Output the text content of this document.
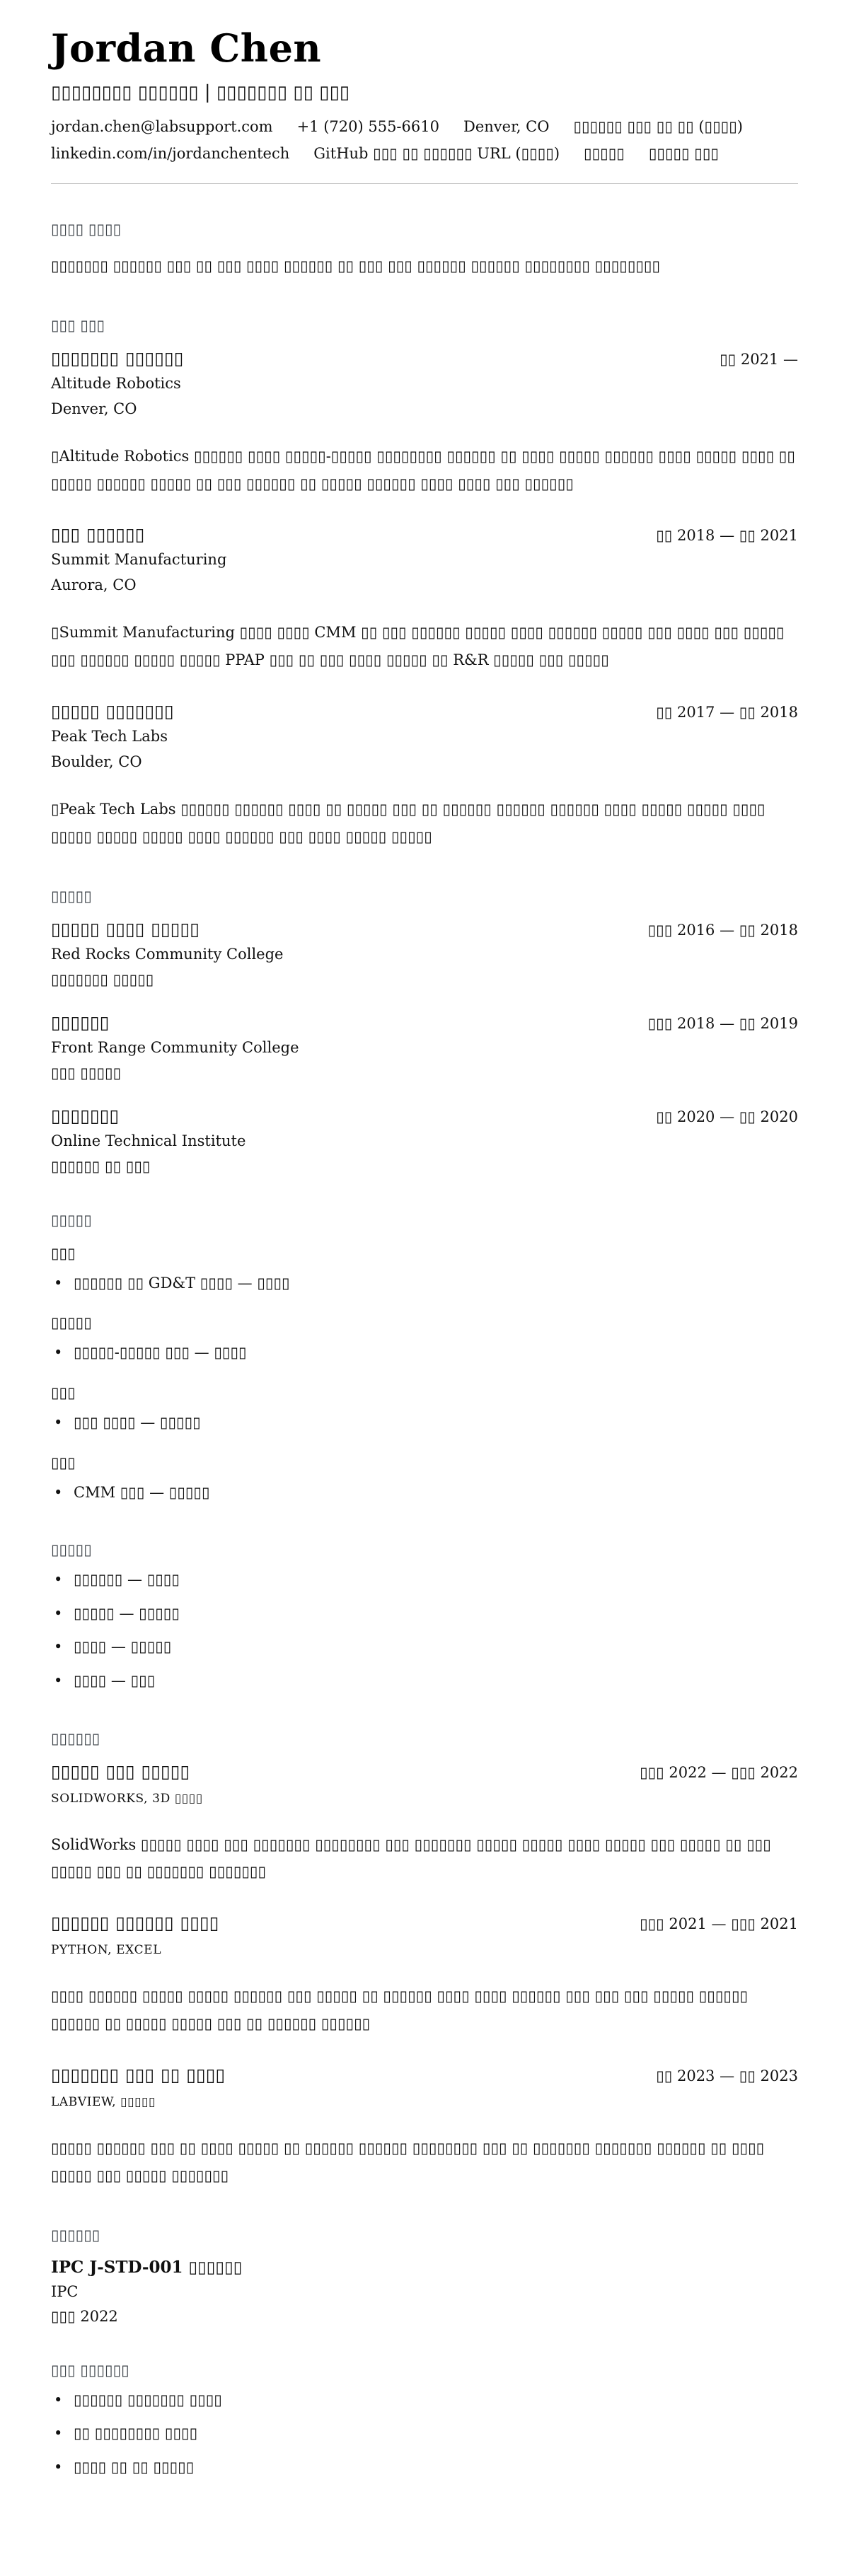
Jordan Chen
▯▯▯▯▯▯▯▯ ▯▯▯▯▯▯ | ▯▯▯▯▯▯▯ ▯▯ ▯▯▯
jordan.chen@labsupport.com +1 (720) 555-6610 Denver, CO ▯▯▯▯▯▯ ▯▯▯ ▯▯ ▯▯ (▯▯▯▯)
linkedin.com/in/jordanchentech GitHub ▯▯▯ ▯▯ ▯▯▯▯▯▯ URL (▯▯▯▯) ▯▯▯▯▯ ▯▯▯▯▯ ▯▯▯
▯▯▯▯ ▯▯▯▯

▯▯▯▯▯▯▯ ▯▯▯▯▯▯ ▯▯▯ ▯▯ ▯▯▯ ▯▯▯▯ ▯▯▯▯▯▯ ▯▯ ▯▯▯ ▯▯▯ ▯▯▯▯▯▯ ▯▯▯▯▯▯ ▯▯▯▯▯▯▯▯ ▯▯▯▯▯▯▯▯

▯▯▯ ▯▯▯
▯▯▯▯▯▯▯ ▯▯▯▯▯▯	▯▯ 2021 —
Altitude Robotics
Denver, CO

▯Altitude Robotics ▯▯▯▯▯▯ ▯▯▯▯ ▯▯▯▯▯-▯▯▯▯▯ ▯▯▯▯▯▯▯▯ ▯▯▯▯▯▯ ▯▯ ▯▯▯▯ ▯▯▯▯▯ ▯▯▯▯▯▯ ▯▯▯▯ ▯▯▯▯▯ ▯▯▯▯ ▯▯ ▯▯▯▯▯ ▯▯▯▯▯▯ ▯▯▯▯▯ ▯▯ ▯▯▯ ▯▯▯▯▯▯ ▯▯ ▯▯▯▯▯ ▯▯▯▯▯▯ ▯▯▯▯ ▯▯▯▯ ▯▯▯ ▯▯▯▯▯▯

▯▯▯ ▯▯▯▯▯▯	▯▯ 2018 — ▯▯ 2021
Summit Manufacturing
Aurora, CO

▯Summit Manufacturing ▯▯▯▯ ▯▯▯▯ CMM ▯▯ ▯▯▯ ▯▯▯▯▯▯ ▯▯▯▯▯ ▯▯▯▯ ▯▯▯▯▯▯ ▯▯▯▯▯ ▯▯▯ ▯▯▯▯ ▯▯▯ ▯▯▯▯▯ ▯▯▯ ▯▯▯▯▯▯ ▯▯▯▯▯ ▯▯▯▯▯ PPAP ▯▯▯ ▯▯ ▯▯▯ ▯▯▯▯ ▯▯▯▯▯ ▯▯ R&R ▯▯▯▯▯ ▯▯▯ ▯▯▯▯▯

▯▯▯▯▯ ▯▯▯▯▯▯▯	▯▯ 2017 — ▯▯ 2018
Peak Tech Labs
Boulder, CO

▯Peak Tech Labs ▯▯▯▯▯▯ ▯▯▯▯▯▯ ▯▯▯▯ ▯▯ ▯▯▯▯▯ ▯▯▯ ▯▯ ▯▯▯▯▯▯ ▯▯▯▯▯▯ ▯▯▯▯▯▯ ▯▯▯▯ ▯▯▯▯▯ ▯▯▯▯▯ ▯▯▯▯ ▯▯▯▯▯ ▯▯▯▯▯ ▯▯▯▯▯ ▯▯▯▯ ▯▯▯▯▯▯ ▯▯▯ ▯▯▯▯ ▯▯▯▯▯ ▯▯▯▯▯

▯▯▯▯▯
▯▯▯▯▯ ▯▯▯▯ ▯▯▯▯▯	▯▯▯ 2016 — ▯▯ 2018
Red Rocks Community College
▯▯▯▯▯▯▯ ▯▯▯▯▯
▯▯▯▯▯▯	▯▯▯ 2018 — ▯▯ 2019
Front Range Community College
▯▯▯ ▯▯▯▯▯
▯▯▯▯▯▯▯	▯▯ 2020 — ▯▯ 2020
Online Technical Institute
▯▯▯▯▯▯ ▯▯ ▯▯▯
▯▯▯▯▯
▯▯▯
• ▯▯▯▯▯▯ ▯▯ GD&T ▯▯▯▯ — ▯▯▯▯
▯▯▯▯▯
• ▯▯▯▯▯-▯▯▯▯▯ ▯▯▯ — ▯▯▯▯
▯▯▯
• ▯▯▯ ▯▯▯▯ — ▯▯▯▯▯
▯▯▯
• CMM ▯▯▯ — ▯▯▯▯▯
▯▯▯▯▯
• ▯▯▯▯▯▯ — ▯▯▯▯
• ▯▯▯▯▯ — ▯▯▯▯▯
• ▯▯▯▯ — ▯▯▯▯▯
• ▯▯▯▯ — ▯▯▯
▯▯▯▯▯▯
▯▯▯▯▯ ▯▯▯ ▯▯▯▯▯	▯▯▯ 2022 — ▯▯▯ 2022
SOLIDWORKS, 3D ▯▯▯▯

SolidWorks ▯▯▯▯▯ ▯▯▯▯ ▯▯▯ ▯▯▯▯▯▯▯ ▯▯▯▯▯▯▯▯ ▯▯▯ ▯▯▯▯▯▯▯ ▯▯▯▯▯ ▯▯▯▯▯ ▯▯▯▯ ▯▯▯▯▯ ▯▯▯ ▯▯▯▯▯ ▯▯ ▯▯▯ ▯▯▯▯▯ ▯▯▯ ▯▯ ▯▯▯▯▯▯▯ ▯▯▯▯▯▯▯

▯▯▯▯▯▯ ▯▯▯▯▯▯ ▯▯▯▯	▯▯▯ 2021 — ▯▯▯ 2021
PYTHON, EXCEL

▯▯▯▯ ▯▯▯▯▯▯ ▯▯▯▯▯ ▯▯▯▯▯ ▯▯▯▯▯▯ ▯▯▯ ▯▯▯▯▯ ▯▯ ▯▯▯▯▯▯ ▯▯▯▯ ▯▯▯▯ ▯▯▯▯▯▯ ▯▯▯ ▯▯▯ ▯▯▯ ▯▯▯▯▯ ▯▯▯▯▯▯ ▯▯▯▯▯▯ ▯▯ ▯▯▯▯▯ ▯▯▯▯▯ ▯▯▯ ▯▯ ▯▯▯▯▯▯ ▯▯▯▯▯▯

▯▯▯▯▯▯▯ ▯▯▯ ▯▯ ▯▯▯▯	▯▯ 2023 — ▯▯ 2023
LABVIEW, ▯▯▯▯▯

▯▯▯▯▯ ▯▯▯▯▯▯ ▯▯▯ ▯▯ ▯▯▯▯ ▯▯▯▯▯ ▯▯ ▯▯▯▯▯▯ ▯▯▯▯▯▯ ▯▯▯▯▯▯▯▯ ▯▯▯ ▯▯ ▯▯▯▯▯▯▯ ▯▯▯▯▯▯▯ ▯▯▯▯▯▯ ▯▯ ▯▯▯▯ ▯▯▯▯▯ ▯▯▯ ▯▯▯▯▯ ▯▯▯▯▯▯▯

▯▯▯▯▯▯
IPC J-STD-001 ▯▯▯▯▯▯
IPC
▯▯▯ 2022
▯▯▯ ▯▯▯▯▯▯
• ▯▯▯▯▯▯ ▯▯▯▯▯▯▯ ▯▯▯▯
• ▯▯ ▯▯▯▯▯▯▯▯ ▯▯▯▯
• ▯▯▯▯ ▯▯ ▯▯ ▯▯▯▯▯
